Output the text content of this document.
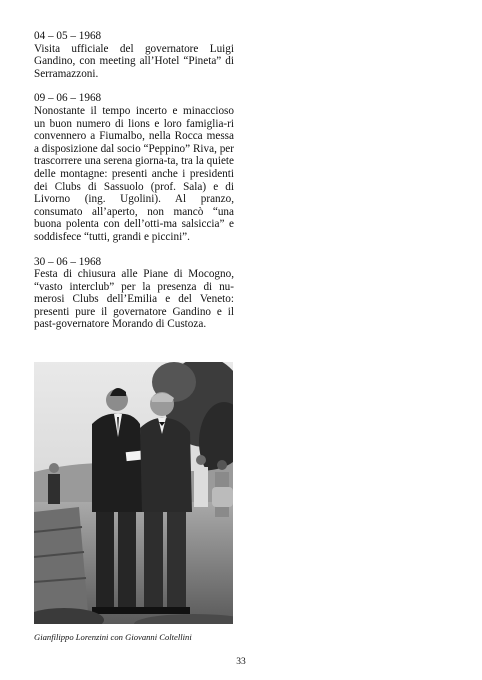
04 – 05 – 1968
Visita ufficiale del governatore Luigi Gandino, con meeting all’Hotel “Pineta” di Serramazzoni.
09 – 06 – 1968
Nonostante il tempo incerto e minaccioso un buon numero di lions e loro famiglia-ri convennero a Fiumalbo, nella Rocca messa a disposizione dal socio “Peppino” Riva, per trascorrere una serena giorna-ta, tra la quiete delle montagne: presenti anche i presidenti dei Clubs di Sassuolo (prof. Sala) e di Livorno (ing. Ugolini). Al pranzo, consumato all’aperto, non mancò “una buona polenta con dell’otti-ma salsiccia” e soddisfece “tutti, grandi e piccini”.
30 – 06 – 1968
Festa di chiusura alle Piane di Mocogno, “vasto interclub” per la presenza di nu-merosi Clubs dell’Emilia e del Veneto: presenti pure il governatore Gandino e il past-governatore Morando di Custoza.
Gianfilippo Lorenzini con Giovanni Coltellini
33
